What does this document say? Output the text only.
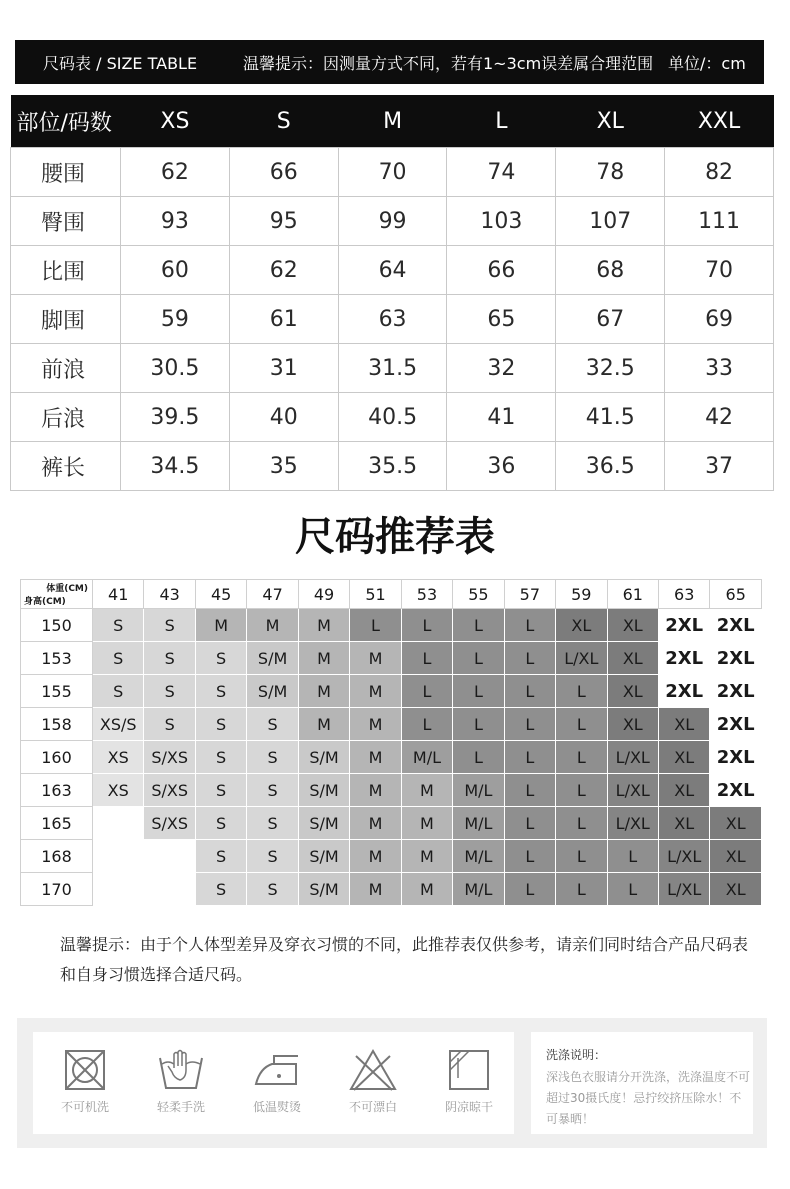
尺码表 / SIZE TABLE	温馨提示：因测量方式不同，若有1~3cm误差属合理范围 单位/：cm
部位/码数	XS	S	M	L	XL	XXL
腰围	62	66	70	74	78	82
臀围	93	95	99	103	107	111
比围	60	62	64	66	68	70
脚围	59	61	63	65	67	69
前浪	30.5	31	31.5	32	32.5	33
后浪	39.5	40	40.5	41	41.5	42
裤长	34.5	35	35.5	36	36.5	37
尺码推荐表
体重(CM)
身高(CM)	41	43	45	47	49	51	53	55	57	59	61	63	65
150	S	S	M	M	M	L	L	L	L	XL	XL	2XL	2XL
153	S	S	S	S/M	M	M	L	L	L	L/XL	XL	2XL	2XL
155	S	S	S	S/M	M	M	L	L	L	L	XL	2XL	2XL
158	XS/S	S	S	S	M	M	L	L	L	L	XL	XL	2XL
160	XS	S/XS	S	S	S/M	M	M/L	L	L	L	L/XL	XL	2XL
163	XS	S/XS	S	S	S/M	M	M	M/L	L	L	L/XL	XL	2XL
165		S/XS	S	S	S/M	M	M	M/L	L	L	L/XL	XL	XL
168			S	S	S/M	M	M	M/L	L	L	L	L/XL	XL
170			S	S	S/M	M	M	M/L	L	L	L	L/XL	XL
温馨提示：由于个人体型差异及穿衣习惯的不同，此推荐表仅供参考，请亲们同时结合产品尺码表和自身习惯选择合适尺码。
不可机洗	轻柔手洗	低温熨烫	不可漂白	阴凉晾干
洗涤说明：
深浅色衣服请分开洗涤，洗涤温度不可超过30摄氏度！忌拧绞挤压除水！不可暴晒！
